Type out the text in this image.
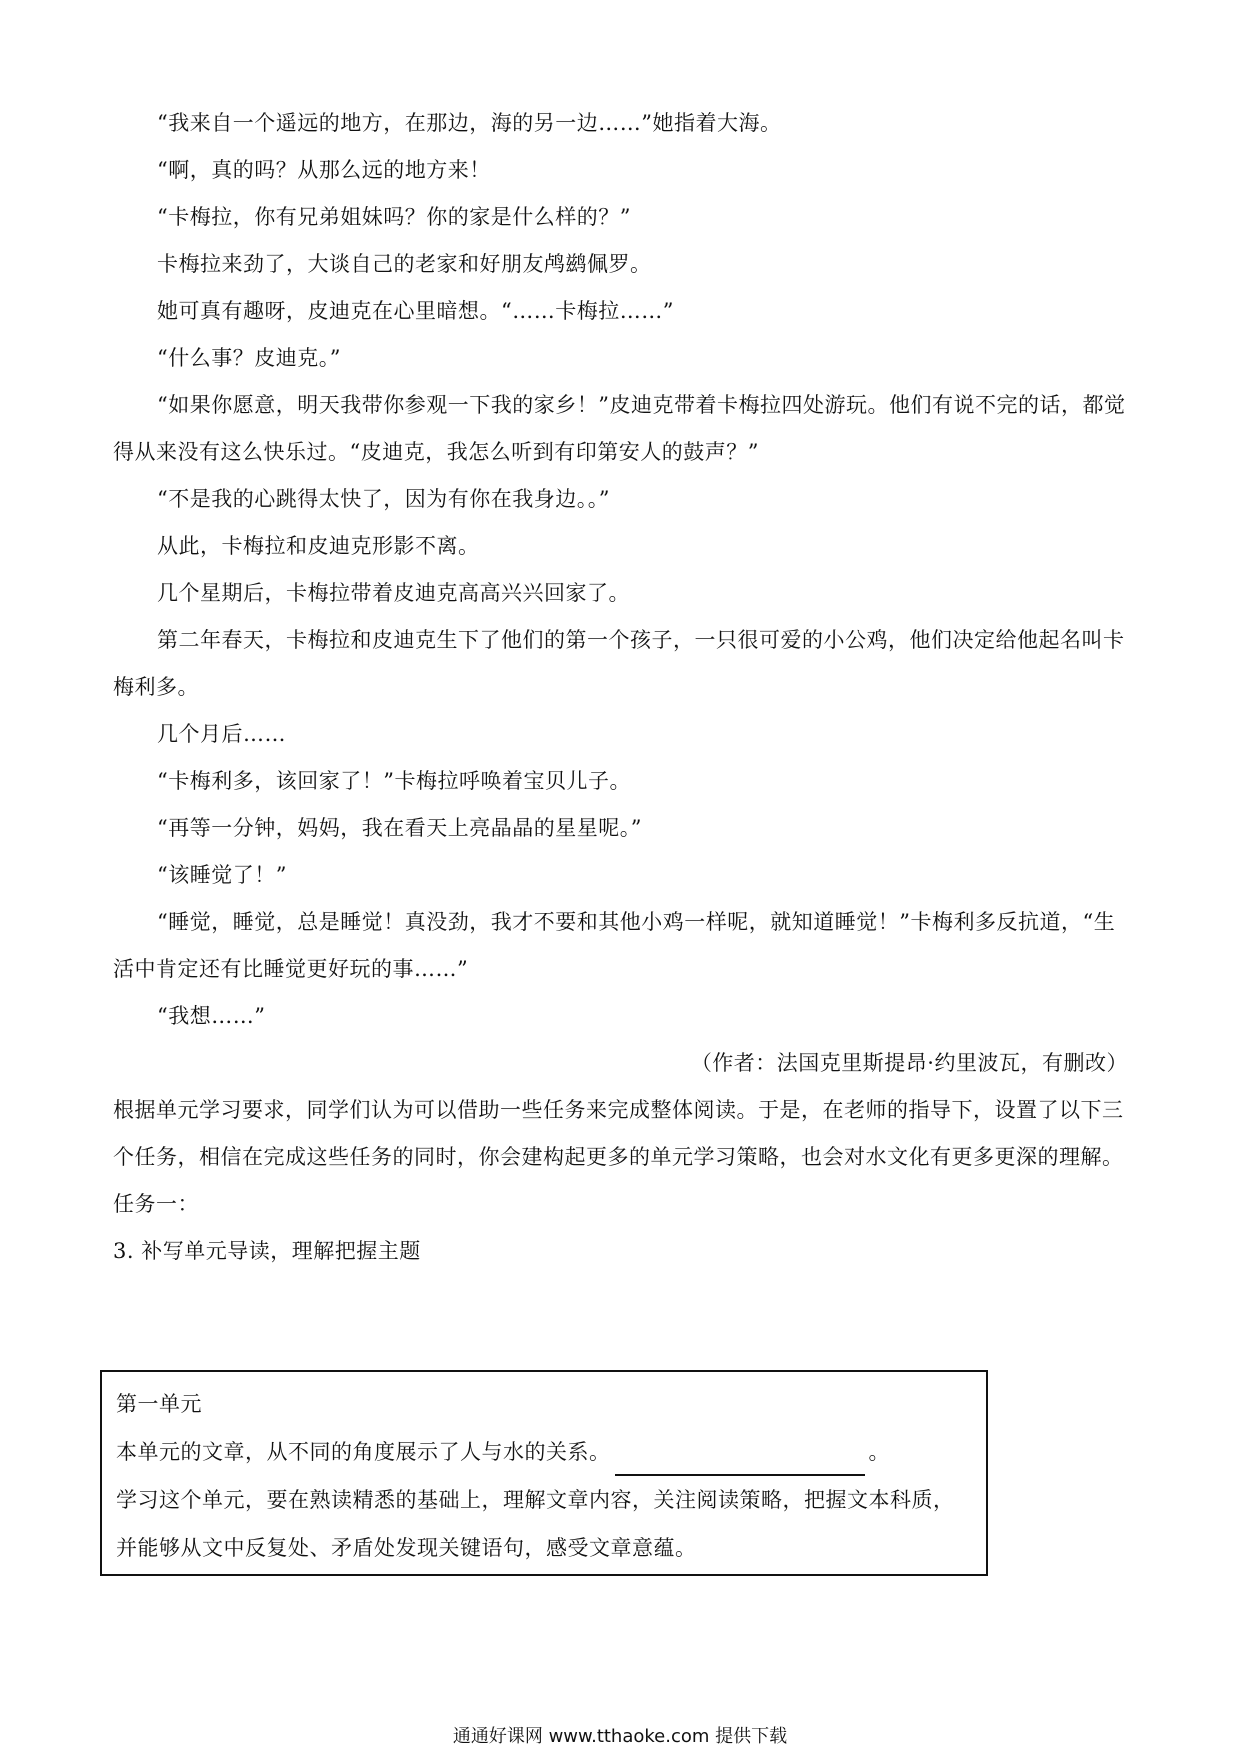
“我来自一个遥远的地方，在那边，海的另一边……”她指着大海。

“啊，真的吗？从那么远的地方来！

“卡梅拉，你有兄弟姐妹吗？你的家是什么样的？”

卡梅拉来劲了，大谈自己的老家和好朋友鸬鹚佩罗。

她可真有趣呀，皮迪克在心里暗想。“……卡梅拉……”

“什么事？皮迪克。”

“如果你愿意，明天我带你参观一下我的家乡！”皮迪克带着卡梅拉四处游玩。他们有说不完的话，都觉得从来没有这么快乐过。“皮迪克，我怎么听到有印第安人的鼓声？”

“不是我的心跳得太快了，因为有你在我身边。。”

从此，卡梅拉和皮迪克形影不离。

几个星期后，卡梅拉带着皮迪克高高兴兴回家了。

第二年春天，卡梅拉和皮迪克生下了他们的第一个孩子，一只很可爱的小公鸡，他们决定给他起名叫卡梅利多。

几个月后……

“卡梅利多，该回家了！”卡梅拉呼唤着宝贝儿子。

“再等一分钟，妈妈，我在看天上亮晶晶的星星呢。”

“该睡觉了！”

“睡觉，睡觉，总是睡觉！真没劲，我才不要和其他小鸡一样呢，就知道睡觉！”卡梅利多反抗道，“生活中肯定还有比睡觉更好玩的事……”

“我想……”

（作者：法国克里斯提昂·约里波瓦，有删改）

根据单元学习要求，同学们认为可以借助一些任务来完成整体阅读。于是，在老师的指导下，设置了以下三个任务，相信在完成这些任务的同时，你会建构起更多的单元学习策略，也会对水文化有更多更深的理解。

任务一：

3. 补写单元导读，理解把握主题

第一单元

本单元的文章，从不同的角度展示了人与水的关系。	。

学习这个单元，要在熟读精悉的基础上，理解文章内容，关注阅读策略，把握文本科质，

并能够从文中反复处、矛盾处发现关键语句，感受文章意蕴。

通通好课网 www.tthaoke.com 提供下载
